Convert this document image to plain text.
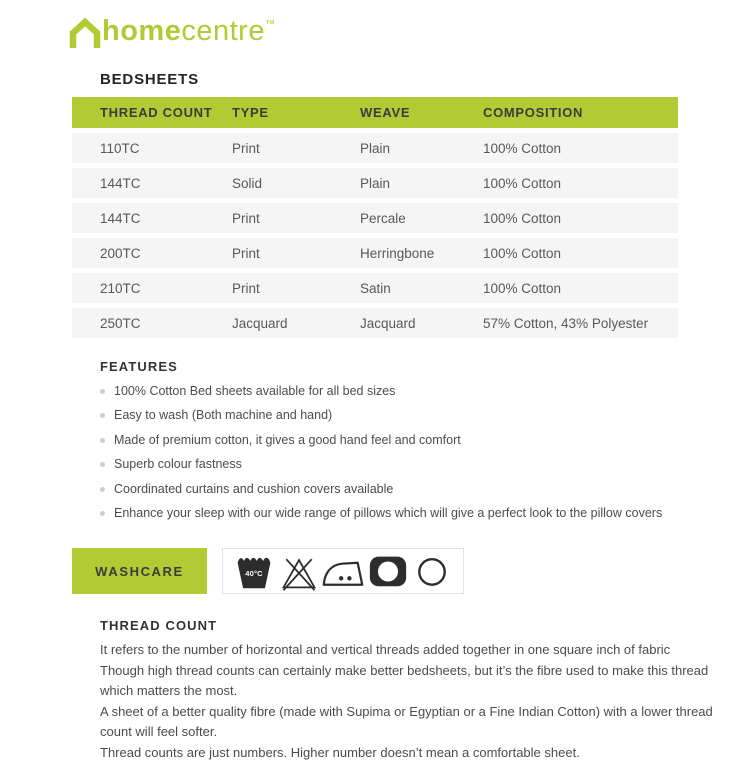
homecentre ™
BEDSHEETS
THREAD COUNT	TYPE	WEAVE	COMPOSITION
110TC	Print	Plain	100% Cotton
144TC	Solid	Plain	100% Cotton
144TC	Print	Percale	100% Cotton
200TC	Print	Herringbone	100% Cotton
210TC	Print	Satin	100% Cotton
250TC	Jacquard	Jacquard	57% Cotton, 43% Polyester
FEATURES
100% Cotton Bed sheets available for all bed sizes
Easy to wash (Both machine and hand)
Made of premium cotton, it gives a good hand feel and comfort
Superb colour fastness
Coordinated curtains and cushion covers available
Enhance your sleep with our wide range of pillows which will give a perfect look to the pillow covers
WASHCARE	40°C
THREAD COUNT

It refers to the number of horizontal and vertical threads added together in one square inch of fabric

Though high thread counts can certainly make better bedsheets, but it’s the fibre used to make this thread which matters the most.

A sheet of a better quality fibre (made with Supima or Egyptian or a Fine Indian Cotton) with a lower thread count will feel softer.

Thread counts are just numbers. Higher number doesn’t mean a comfortable sheet.
